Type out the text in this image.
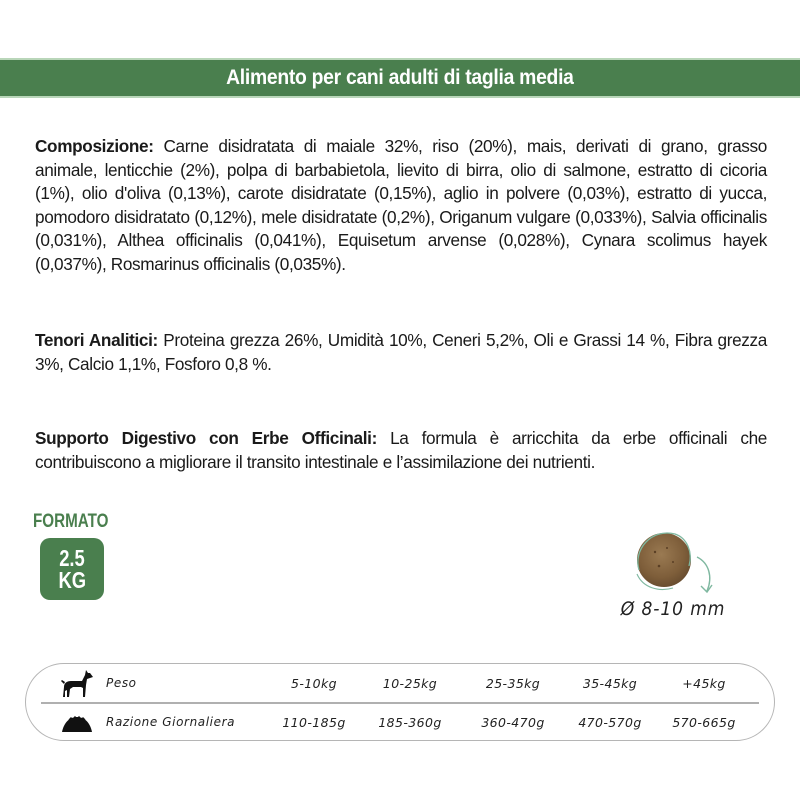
Alimento per cani adulti di taglia media

Composizione: Carne disidratata di maiale 32%, riso (20%), mais, derivati di grano, grasso animale, lenticchie (2%), polpa di barbabietola, lievito di birra, olio di salmone, estratto di cicoria (1%), olio d'oliva (0,13%), carote disidratate (0,15%), aglio in polvere (0,03%), estratto di yucca, pomodoro disidratato (0,12%), mele disidratate (0,2%), Origanum vulgare (0,033%), Salvia officinalis (0,031%), Althea officinalis (0,041%), Equisetum arvense (0,028%), Cynara scolimus hayek (0,037%), Rosmarinus officinalis (0,035%).

Tenori Analitici: Proteina grezza 26%, Umidità 10%, Ceneri 5,2%, Oli e Grassi 14 %, Fibra grezza 3%, Calcio 1,1%, Fosforo 0,8 %.

Supporto Digestivo con Erbe Officinali: La formula è arricchita da erbe officinali che contribuiscono a migliorare il transito intestinale e l’assimilazione dei nutrienti.

FORMATO
2.5
KG
Ø 8-10 mm
Peso	5-10kg	10-25kg	25-35kg	35-45kg	+45kg
Razione Giornaliera	110-185g	185-360g	360-470g	470-570g	570-665g
